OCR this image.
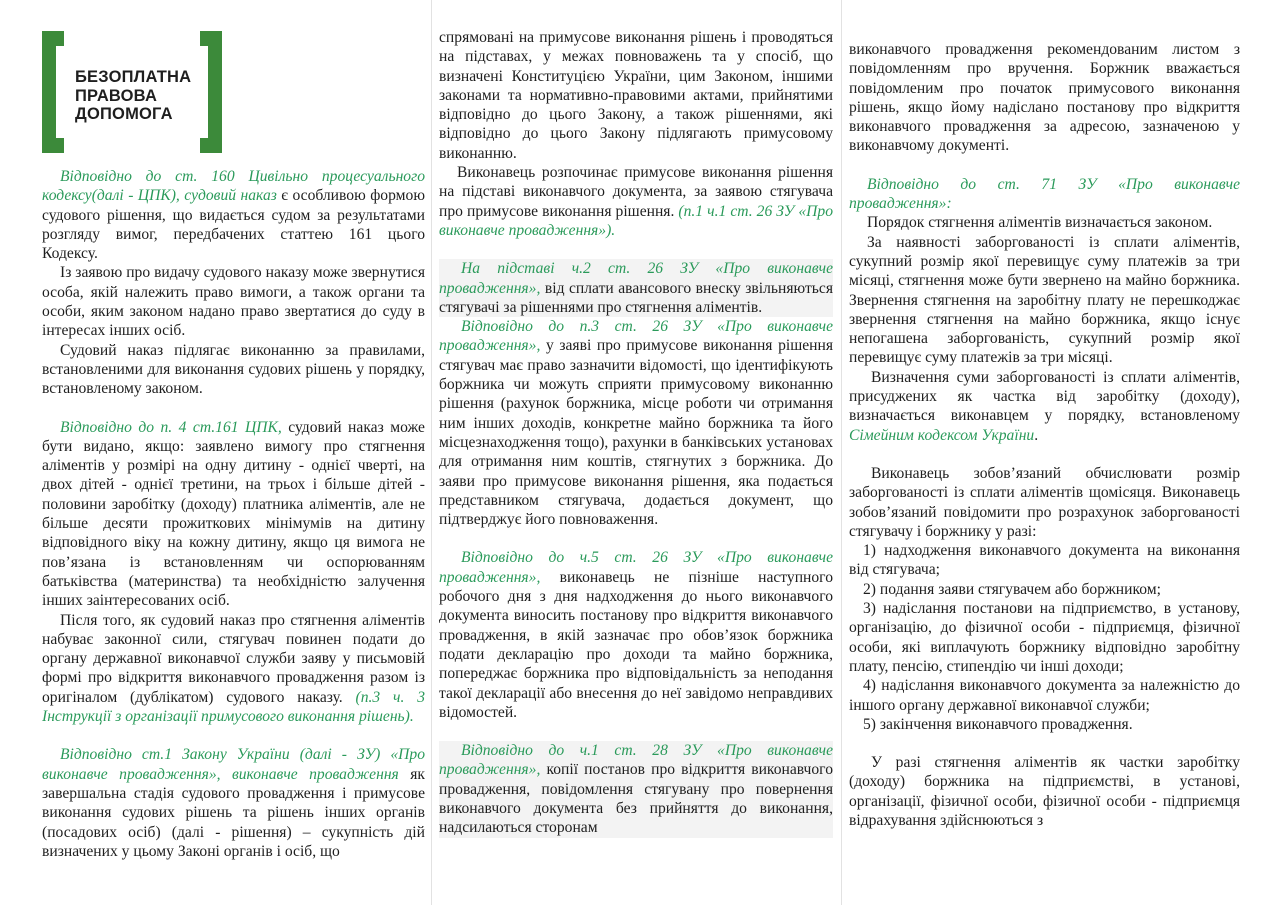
БЕЗОПЛАТНА
ПРАВОВА
ДОПОМОГА

Відповідно до ст. 160 Цивільно процесуального кодексу(далі - ЦПК), судовий наказ є особливою формою судового рішення, що видається судом за результатами розгляду вимог, передбачених статтею 161 цього Кодексу.

Із заявою про видачу судового наказу може звернутися особа, якій належить право вимоги, а також органи та особи, яким законом надано право звертатися до суду в інтересах інших осіб.

Судовий наказ підлягає виконанню за правилами, встановленими для виконання судових рішень у порядку, встановленому законом.

Відповідно до п. 4 ст.161 ЦПК, судовий наказ може бути видано, якщо: заявлено вимогу про стягнення аліментів у розмірі на одну дитину - однієї чверті, на двох дітей - однієї третини, на трьох і більше дітей - половини заробітку (доходу) платника аліментів, але не більше десяти прожиткових мінімумів на дитину відповідного віку на кожну дитину, якщо ця вимога не пов’язана із встановленням чи оспорюванням батьківства (материнства) та необхідністю залучення інших заінтересованих осіб.

Після того, як судовий наказ про стягнення аліментів набуває законної сили, стягувач повинен подати до органу державної виконавчої служби заяву у письмовій формі про відкриття виконавчого провадження разом із оригіналом (дублікатом) судового наказу. (п.3 ч. 3 Інструкції з організації примусового виконання рішень).

Відповідно ст.1 Закону України (далі - ЗУ) «Про виконавче провадження», виконавче провадження як завершальна стадія судового провадження і примусове виконання судових рішень та рішень інших органів (посадових осіб) (далі - рішення) – сукупність дій визначених у цьому Законі органів і осіб, що

спрямовані на примусове виконання рішень і проводяться на підставах, у межах повноважень та у спосіб, що визначені Конституцією України, цим Законом, іншими законами та нормативно-правовими актами, прийнятими відповідно до цього Закону, а також рішеннями, які відповідно до цього Закону підлягають примусовому виконанню.

Виконавець розпочинає примусове виконання рішення на підставі виконавчого документа, за заявою стягувача про примусове виконання рішення. (п.1 ч.1 ст. 26 ЗУ «Про виконавче провадження»).

На підставі ч.2 ст. 26 ЗУ «Про виконавче провадження», від сплати авансового внеску звільняються стягувачі за рішеннями про стягнення аліментів.

Відповідно до п.3 ст. 26 ЗУ «Про виконавче провадження», у заяві про примусове виконання рішення стягувач має право зазначити відомості, що ідентифікують боржника чи можуть сприяти примусовому виконанню рішення (рахунок боржника, місце роботи чи отримання ним інших доходів, конкретне майно боржника та його місцезнаходження тощо), рахунки в банківських установах для отримання ним коштів, стягнутих з боржника. До заяви про примусове виконання рішення, яка подається представником стягувача, додається документ, що підтверджує його повноваження.

Відповідно до ч.5 ст. 26 ЗУ «Про виконавче провадження», виконавець не пізніше наступного робочого дня з дня надходження до нього виконавчого документа виносить постанову про відкриття виконавчого провадження, в якій зазначає про обов’язок боржника подати декларацію про доходи та майно боржника, попереджає боржника про відповідальність за неподання такої декларації або внесення до неї завідомо неправдивих відомостей.

Відповідно до ч.1 ст. 28 ЗУ «Про виконавче провадження», копії постанов про відкриття виконавчого провадження, повідомлення стягувану про повернення виконавчого документа без прийняття до виконання, надсилаються сторонам

виконавчого провадження рекомендованим листом з повідомленням про вручення. Боржник вважається повідомленим про початок примусового виконання рішень, якщо йому надіслано постанову про відкриття виконавчого провадження за адресою, зазначеною у виконавчому документі.

Відповідно до ст. 71 ЗУ «Про виконавче провадження»:

Порядок стягнення аліментів визначається законом.

За наявності заборгованості із сплати аліментів, сукупний розмір якої перевищує суму платежів за три місяці, стягнення може бути звернено на майно боржника. Звернення стягнення на заробітну плату не перешкоджає звернення стягнення на майно боржника, якщо існує непогашена заборгованість, сукупний розмір якої перевищує суму платежів за три місяці.

Визначення суми заборгованості із сплати аліментів, присуджених як частка від заробітку (доходу), визначається виконавцем у порядку, встановленому Сімейним кодексом України.

Виконавець зобов’язаний обчислювати розмір заборгованості із сплати аліментів щомісяця. Виконавець зобов’язаний повідомити про розрахунок заборгованості стягувачу і боржнику у разі:

1) надходження виконавчого документа на виконання від стягувача;

2) подання заяви стягувачем або боржником;

3) надіслання постанови на підприємство, в установу, організацію, до фізичної особи - підприємця, фізичної особи, які виплачують боржнику відповідно заробітну плату, пенсію, стипендію чи інші доходи;

4) надіслання виконавчого документа за належністю до іншого органу державної виконавчої служби;

5) закінчення виконавчого провадження.

У разі стягнення аліментів як частки заробітку (доходу) боржника на підприємстві, в установі, організації, фізичної особи, фізичної особи - підприємця відрахування здійснюються з
